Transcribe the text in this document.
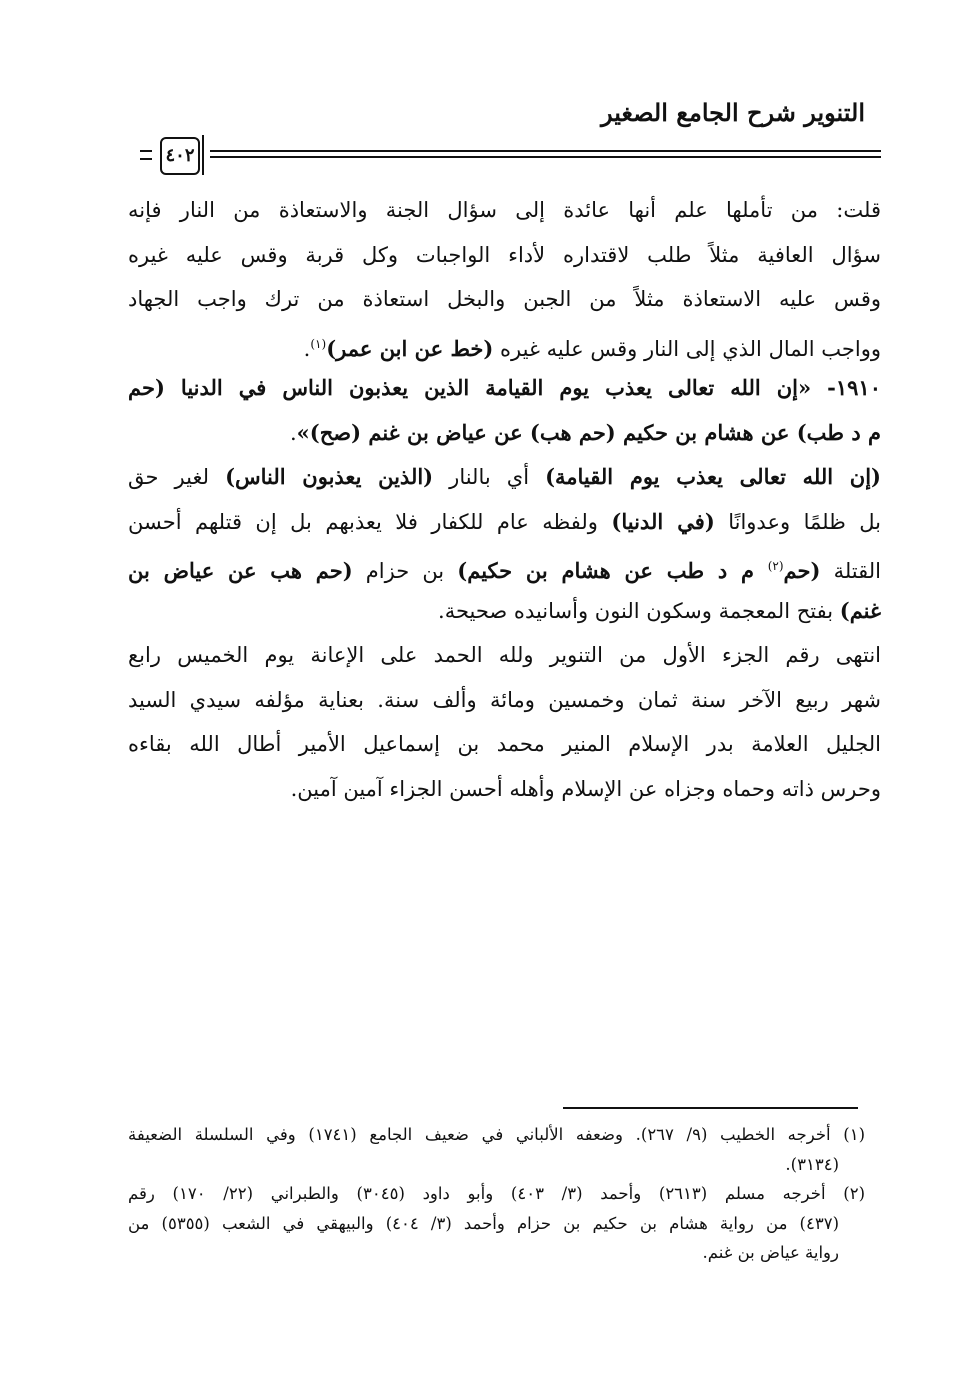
التنوير شرح الجامع الصغير
٤٠٢
قلت: من تأملها علم أنها عائدة إلى سؤال الجنة والاستعاذة من النار فإنه
سؤال العافية مثلاً طلب لاقتداره لأداء الواجبات وكل قربة وقس عليه غيره
وقس عليه الاستعاذة مثلاً من الجبن والبخل استعاذة من ترك واجب الجهاد
وواجب المال الذي إلى النار وقس عليه غيره (خط عن ابن عمر)$^{(١)}$.
١٩١٠- «إن الله تعالى يعذب يوم القيامة الذين يعذبون الناس في الدنيا (حم
م د طب) عن هشام بن حكيم (حم هب) عن عياض بن غنم (صح)».
(إن الله تعالى يعذب يوم القيامة) أي بالنار (الذين يعذبون الناس) لغير حق
بل ظلمًا وعدوانًا (في الدنيا) ولفظه عام للكفار فلا يعذبهم بل إن قتلهم أحسن
القتلة (حم$^{(٢)}$ م د طب عن هشام بن حكيم) بن حزام (حم هب عن عياض بن
غنم) بفتح المعجمة وسكون النون وأسانيده صحيحة.
انتهى رقم الجزء الأول من التنوير ولله الحمد على الإعانة يوم الخميس رابع
شهر ربيع الآخر سنة ثمان وخمسين ومائة وألف سنة. بعناية مؤلفه سيدي السيد
الجليل العلامة بدر الإسلام المنير محمد بن إسماعيل الأمير أطال الله بقاءه
وحرس ذاته وحماه وجزاه عن الإسلام وأهله أحسن الجزاء آمين آمين.
(١) أخرجه الخطيب (٩/ ٢٦٧). وضعفه الألباني في ضعيف الجامع (١٧٤١) وفي السلسلة الضعيفة
(٣١٣٤).
(٢) أخرجه مسلم (٢٦١٣) وأحمد (٣/ ٤٠٣) وأبو داود (٣٠٤٥) والطبراني (٢٢/ ١٧٠) رقم
(٤٣٧) من رواية هشام بن حكيم بن حزام وأحمد (٣/ ٤٠٤) والبيهقي في الشعب (٥٣٥٥) من
رواية عياض بن غنم.
